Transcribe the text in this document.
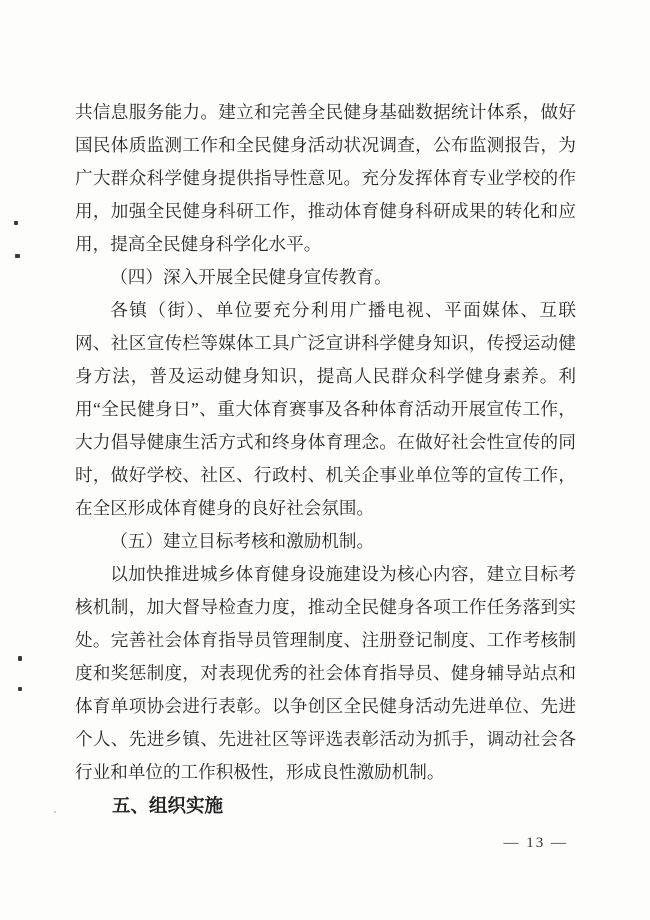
共信息服务能力。建立和完善全民健身基础数据统计体系，做好国民体质监测工作和全民健身活动状况调查，公布监测报告，为广大群众科学健身提供指导性意见。充分发挥体育专业学校的作用，加强全民健身科研工作，推动体育健身科研成果的转化和应用，提高全民健身科学化水平。

（四）深入开展全民健身宣传教育。

各镇（街）、单位要充分利用广播电视、平面媒体、互联网、社区宣传栏等媒体工具广泛宣讲科学健身知识，传授运动健身方法，普及运动健身知识，提高人民群众科学健身素养。利用“全民健身日”、重大体育赛事及各种体育活动开展宣传工作，大力倡导健康生活方式和终身体育理念。在做好社会性宣传的同时，做好学校、社区、行政村、机关企事业单位等的宣传工作，在全区形成体育健身的良好社会氛围。

（五）建立目标考核和激励机制。

以加快推进城乡体育健身设施建设为核心内容，建立目标考核机制，加大督导检查力度，推动全民健身各项工作任务落到实处。完善社会体育指导员管理制度、注册登记制度、工作考核制度和奖惩制度，对表现优秀的社会体育指导员、健身辅导站点和体育单项协会进行表彰。以争创区全民健身活动先进单位、先进个人、先进乡镇、先进社区等评选表彰活动为抓手，调动社会各行业和单位的工作积极性，形成良性激励机制。

五、组织实施

— 13 —
